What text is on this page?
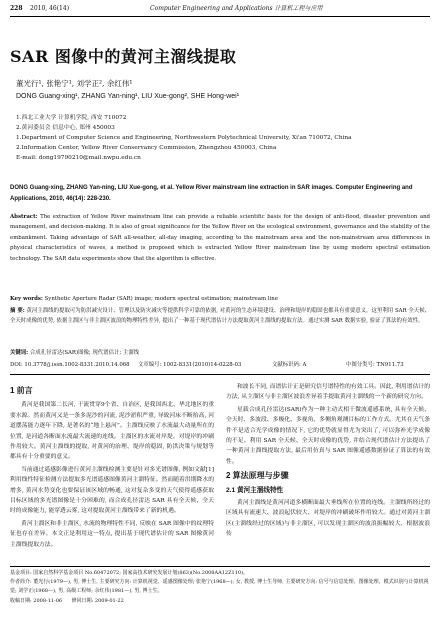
228 2010, 46(14)	Computer Engineering and Applications 计算机工程与应用
SAR 图像中的黄河主溜线提取
董光行¹, 张艳宁¹, 刘学正², 余红伟¹
DONG Guang-xing¹, ZHANG Yan-ning¹, LIU Xue-gong², SHE Hong-wei¹
1.西北工业大学 计算机学院, 西安 710072
2.黄河委员会 信息中心, 郑州 450003
1.Department of Computer Science and Engineering, Northwestern Polytechnical University, Xi'an 710072, China
2.Information Center, Yellow River Conservancy Commission, Zhengzhou 450003, China
E-mail: dong19790210@mail.nwpu.edu.cn
DONG Guang-xing, ZHANG Yan-ning, LIU Xue-gong, et al. Yellow River mainstream line extraction in SAR images. Computer Engineering and Applications, 2010, 46(14): 228-230.
Abstract: The extraction of Yellow River mainstream line can provide a reliable scientific basis for the design of anti-flood, disaster prevention and management, and decision-making. It is also of great significance for the Yellow River on the ecological environment, governance and the stability of the embankment. Taking advantage of SAR all-weather, all-day imaging, according to the mainstream area and the non-mainstream area differences in physical characteristics of waves, a method is proposed which is extracted Yellow River mainstream line by using modern spectral estimation technology. The SAR data experiments show that the algorithm is effective.
Key words: Synthetic Aperture Radar (SAR) image; modern spectral estimation; mainstream line
摘 要: 黄河主溜线的提取可为防洪减灾设计、管理以及防灾减灾等提供科学可靠的依据, 对黄河的生态环境建设、治理和堤岸的稳固也都具有重要意义。这里利用 SAR 全天候、全天时成像的优势, 依据主溜区与非主溜区波浪的物理特性差异, 提出了一种基于现代谱估计方法提取黄河主溜线的提取方法。通过实测 SAR 数据实验, 验证了算法的有效性。
关键词: 合成孔径雷达(SAR)图像; 现代谱估计; 主溜线
DOI: 10.3778/j.issn.1002-8331.2010.14.068 文章编号: 1002-8331(2010)14-0228-03	文献标识码: A	中图分类号: TN911.73
1 前言

黄河是我国第二长河, 干流贯穿9个省、自治区, 是我国西北、华北地区的重要水源。然而黄河又是一条多泥沙的河流, 泥沙淤积严重, 导致河床不断抬高, 河道摆荡能力逐年下降, 是著名的“地上悬河”。主溜线反映了水流最大动量所在的位置, 是河道各断面水流最大流速的连线。主溜区的水流对岸堤、对堤岸的冲刷作用较大。黄河主溜线的提取, 对黄河的治理、堤岸的稳固, 防洪决策与规划等都具有十分重要的意义。

当前通过遥感影像进行黄河主溜线检测主要是针对多光谱图像, 例如文献[1]利用线性特征检测方法提取多光谱遥感图像黄河主溜特征。然而随着洪期降水的增多, 黄河水势变化也要保证该区域的畅通, 这对复杂多变的天气使得遥感获取目标区域的多光谱图像是十分困难的, 而合成孔径雷达 SAR 具有全天候、全天时的成像能力, 能穿透云雾, 这对提取黄河主溜线带来了新的机遇。

黄河主溜区和非主溜区, 水流的物理特性不同, 反映在 SAR 图像中的纹理特征也存在差异。本文正是利用这一特点, 提出基于现代谱估计的 SAR 图像黄河主溜线提取方法。

和波长不同, 而谱估计正是研究信号谱特性的有效工具。因此, 利用谱估计的方法, 从主溜区与非主溜区波浪差异着手提取黄河主溜线的一个新的研究方向。

星载合成孔径雷达(SAR)作为一种主动式相干微波遥感系统, 具有全天候、全天时、多波段、多极化、多视角、多侧角观测目标的工作方式。尤其在天气条件不是适合光学成像的情况下, 它的优势就显得尤为突出了, 可以弥补光学成像的不足。利用 SAR 全天候、全天时成像的优势, 并结合现代谱估计方法提出了一种黄河主溜线提取方法, 最后用仿真与 SAR 图像遥感数据验证了算法的有效性。

2 算法原理与步骤
2.1 黄河主溜线特性

黄河主溜线是黄河河道多横断面最大垂线所在位置的连线。主溜线所经过的区域具有流速大、波浪起伏较大、对堤岸的冲刷破坏作用较大。通过对黄河主溜区(主溜线经过的区域)与非主溜区, 可以发现主溜区的波浪振幅较大、根据波浪传

基金项目: 国家自然科学基金项目 No.60472072; 国家高技术研究发展计划(863)(No.2008AA12Z110)。
作者简介: 董光行(1979—), 男, 博士生, 主要研究方向: 计算机视觉、遥感图像处理; 张艳宁(1968—), 女, 教授, 博士生导师, 主要研究方向: 信号与信息处理、图像处理、模式识别与计算机视觉; 刘学正(1968—), 男, 高级工程师; 余红伟(1981—), 男, 博士生。
收稿日期: 2008-11-06 修回日期: 2009-01-22
